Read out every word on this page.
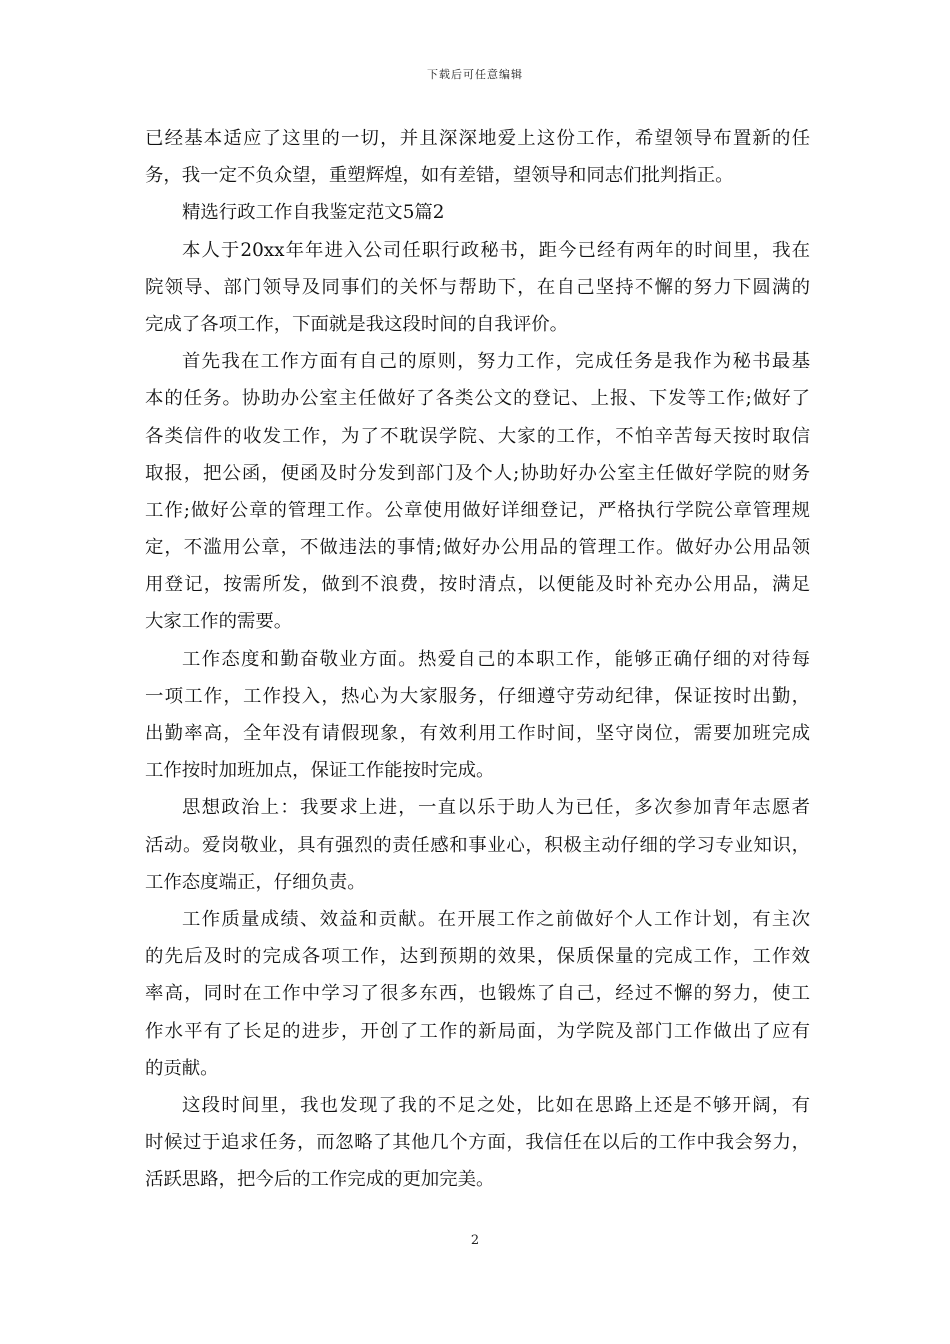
下载后可任意编辑
已经基本适应了这里的一切，并且深深地爱上这份工作，希望领导布置新的任
务，我一定不负众望，重塑辉煌，如有差错，望领导和同志们批判指正。
精选行政工作自我鉴定范文5篇2
本人于20xx年年进入公司任职行政秘书，距今已经有两年的时间里，我在
院领导、部门领导及同事们的关怀与帮助下，在自己坚持不懈的努力下圆满的
完成了各项工作，下面就是我这段时间的自我评价。
首先我在工作方面有自己的原则，努力工作，完成任务是我作为秘书最基
本的任务。协助办公室主任做好了各类公文的登记、上报、下发等工作;做好了
各类信件的收发工作，为了不耽误学院、大家的工作，不怕辛苦每天按时取信
取报，把公函，便函及时分发到部门及个人;协助好办公室主任做好学院的财务
工作;做好公章的管理工作。公章使用做好详细登记，严格执行学院公章管理规
定，不滥用公章，不做违法的事情;做好办公用品的管理工作。做好办公用品领
用登记，按需所发，做到不浪费，按时清点，以便能及时补充办公用品，满足
大家工作的需要。
工作态度和勤奋敬业方面。热爱自己的本职工作，能够正确仔细的对待每
一项工作，工作投入，热心为大家服务，仔细遵守劳动纪律，保证按时出勤，
出勤率高，全年没有请假现象，有效利用工作时间，坚守岗位，需要加班完成
工作按时加班加点，保证工作能按时完成。
思想政治上：我要求上进，一直以乐于助人为已任，多次参加青年志愿者
活动。爱岗敬业，具有强烈的责任感和事业心，积极主动仔细的学习专业知识，
工作态度端正，仔细负责。
工作质量成绩、效益和贡献。在开展工作之前做好个人工作计划，有主次
的先后及时的完成各项工作，达到预期的效果，保质保量的完成工作，工作效
率高，同时在工作中学习了很多东西，也锻炼了自己，经过不懈的努力，使工
作水平有了长足的进步，开创了工作的新局面，为学院及部门工作做出了应有
的贡献。
这段时间里，我也发现了我的不足之处，比如在思路上还是不够开阔，有
时候过于追求任务，而忽略了其他几个方面，我信任在以后的工作中我会努力，
活跃思路，把今后的工作完成的更加完美。
2
